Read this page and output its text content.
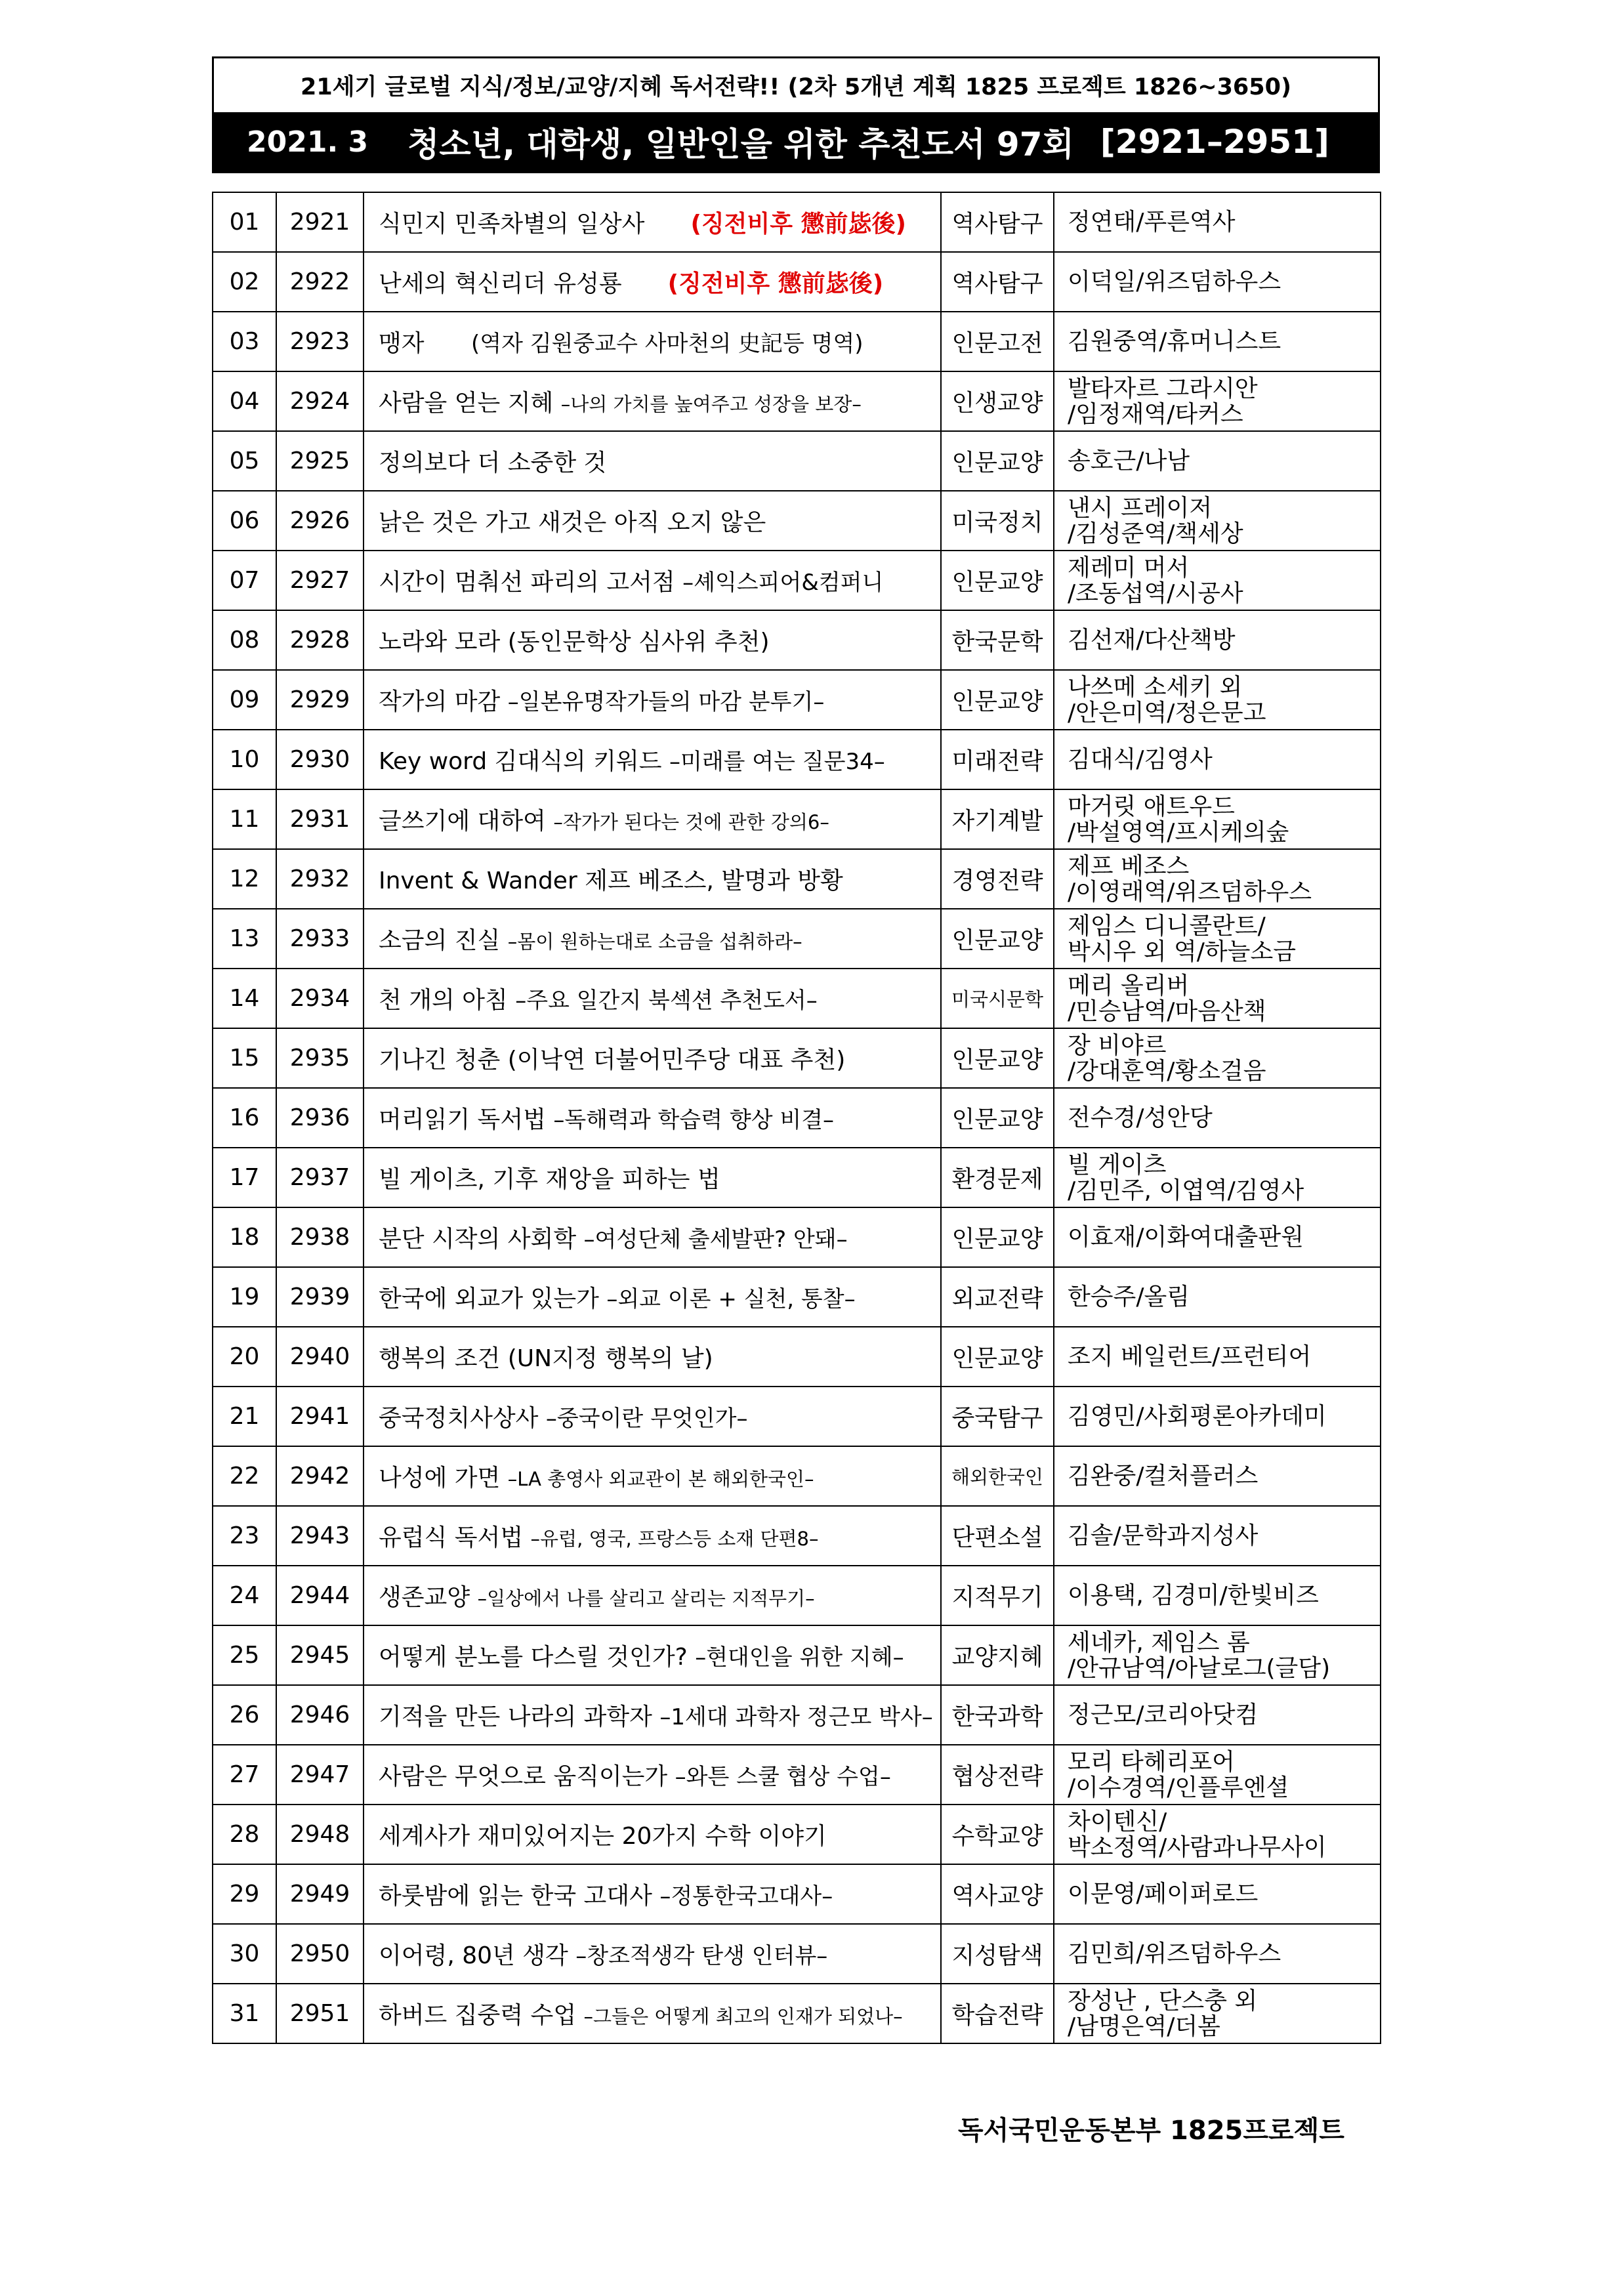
21세기 글로벌 지식/정보/교양/지혜 독서전략!! (2차 5개년 계획 1825 프로젝트 1826~3650)
2021. 3 청소년, 대학생, 일반인을 위한 추천도서 97회 [2921–2951]
01	2921	식민지 민족차별의 일상사 (징전비후 懲前毖後)	역사탐구	정연태/푸른역사

02	2922	난세의 혁신리더 유성룡 (징전비후 懲前毖後)	역사탐구	이덕일/위즈덤하우스

03	2923	맹자 (역자 김원중교수 사마천의 史記등 명역)	인문고전	김원중역/휴머니스트

04	2924	사람을 얻는 지혜 –나의 가치를 높여주고 성장을 보장–	인생교양	발타자르 그라시안
/임정재역/타커스

05	2925	정의보다 더 소중한 것	인문교양	송호근/나남

06	2926	낡은 것은 가고 새것은 아직 오지 않은	미국정치	낸시 프레이저
/김성준역/책세상

07	2927	시간이 멈춰선 파리의 고서점 –셰익스피어&컴퍼니	인문교양	제레미 머서
/조동섭역/시공사

08	2928	노라와 모라 (동인문학상 심사위 추천)	한국문학	김선재/다산책방

09	2929	작가의 마감 –일본유명작가들의 마감 분투기–	인문교양	나쓰메 소세키 외
/안은미역/정은문고

10	2930	Key word 김대식의 키워드 –미래를 여는 질문34–	미래전략	김대식/김영사

11	2931	글쓰기에 대하여 –작가가 된다는 것에 관한 강의6–	자기계발	마거릿 애트우드
/박설영역/프시케의숲

12	2932	Invent & Wander 제프 베조스, 발명과 방황	경영전략	제프 베조스
/이영래역/위즈덤하우스

13	2933	소금의 진실 –몸이 원하는대로 소금을 섭취하라–	인문교양	제임스 디니콜란트/
박시우 외 역/하늘소금

14	2934	천 개의 아침 –주요 일간지 북섹션 추천도서–	미국시문학	메리 올리버
/민승남역/마음산책

15	2935	기나긴 청춘 (이낙연 더불어민주당 대표 추천)	인문교양	장 비야르
/강대훈역/황소걸음

16	2936	머리읽기 독서법 –독해력과 학습력 향상 비결–	인문교양	전수경/성안당

17	2937	빌 게이츠, 기후 재앙을 피하는 법	환경문제	빌 게이츠
/김민주, 이엽역/김영사

18	2938	분단 시작의 사회학 –여성단체 출세발판? 안돼–	인문교양	이효재/이화여대출판원

19	2939	한국에 외교가 있는가 –외교 이론 + 실천, 통찰–	외교전략	한승주/올림

20	2940	행복의 조건 (UN지정 행복의 날)	인문교양	조지 베일런트/프런티어

21	2941	중국정치사상사 –중국이란 무엇인가–	중국탐구	김영민/사회평론아카데미

22	2942	나성에 가면 –LA 총영사 외교관이 본 해외한국인–	해외한국인	김완중/컬처플러스

23	2943	유럽식 독서법 –유럽, 영국, 프랑스등 소재 단편8–	단편소설	김솔/문학과지성사

24	2944	생존교양 –일상에서 나를 살리고 살리는 지적무기–	지적무기	이용택, 김경미/한빛비즈

25	2945	어떻게 분노를 다스릴 것인가? –현대인을 위한 지혜–	교양지혜	세네카, 제임스 롬
/안규남역/아날로그(글담)

26	2946	기적을 만든 나라의 과학자 –1세대 과학자 정근모 박사–	한국과학	정근모/코리아닷컴

27	2947	사람은 무엇으로 움직이는가 –와튼 스쿨 협상 수업–	협상전략	모리 타헤리포어
/이수경역/인플루엔셜

28	2948	세계사가 재미있어지는 20가지 수학 이야기	수학교양	차이텐신/
박소정역/사람과나무사이

29	2949	하룻밤에 읽는 한국 고대사 –정통한국고대사–	역사교양	이문영/페이퍼로드

30	2950	이어령, 80년 생각 –창조적생각 탄생 인터뷰–	지성탐색	김민희/위즈덤하우스

31	2951	하버드 집중력 수업 –그들은 어떻게 최고의 인재가 되었나–	학습전략	장성난 , 단스충 외
/남명은역/더봄
독서국민운동본부 1825프로젝트
